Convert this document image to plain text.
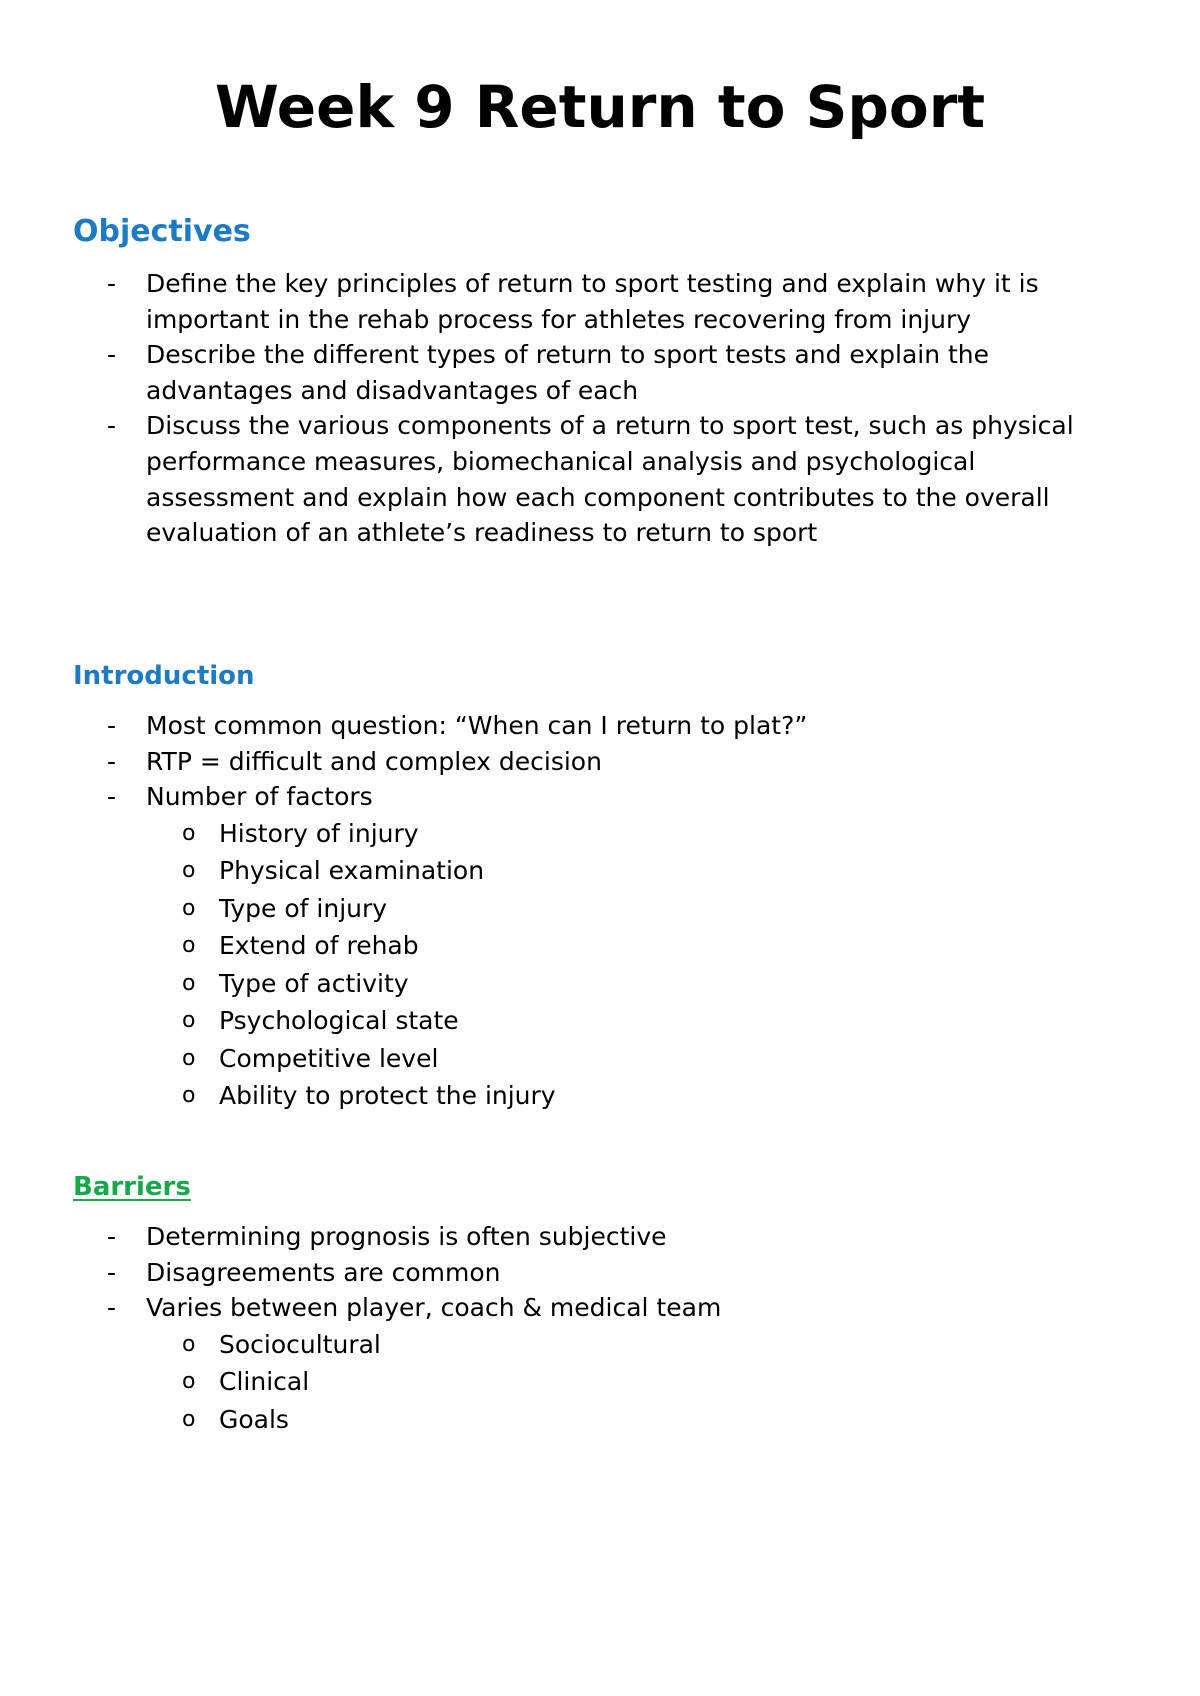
Week 9 Return to Sport
Objectives
- Define the key principles of return to sport testing and explain why it is important in the rehab process for athletes recovering from injury
- Describe the different types of return to sport tests and explain the advantages and disadvantages of each
- Discuss the various components of a return to sport test, such as physical performance measures, biomechanical analysis and psychological assessment and explain how each component contributes to the overall evaluation of an athlete’s readiness to return to sport
Introduction
- Most common question: “When can I return to plat?”
- RTP = difficult and complex decision
- Number of factors
o History of injury
o Physical examination
o Type of injury
o Extend of rehab
o Type of activity
o Psychological state
o Competitive level
o Ability to protect the injury
Barriers
- Determining prognosis is often subjective
- Disagreements are common
- Varies between player, coach & medical team
o Sociocultural
o Clinical
o Goals
